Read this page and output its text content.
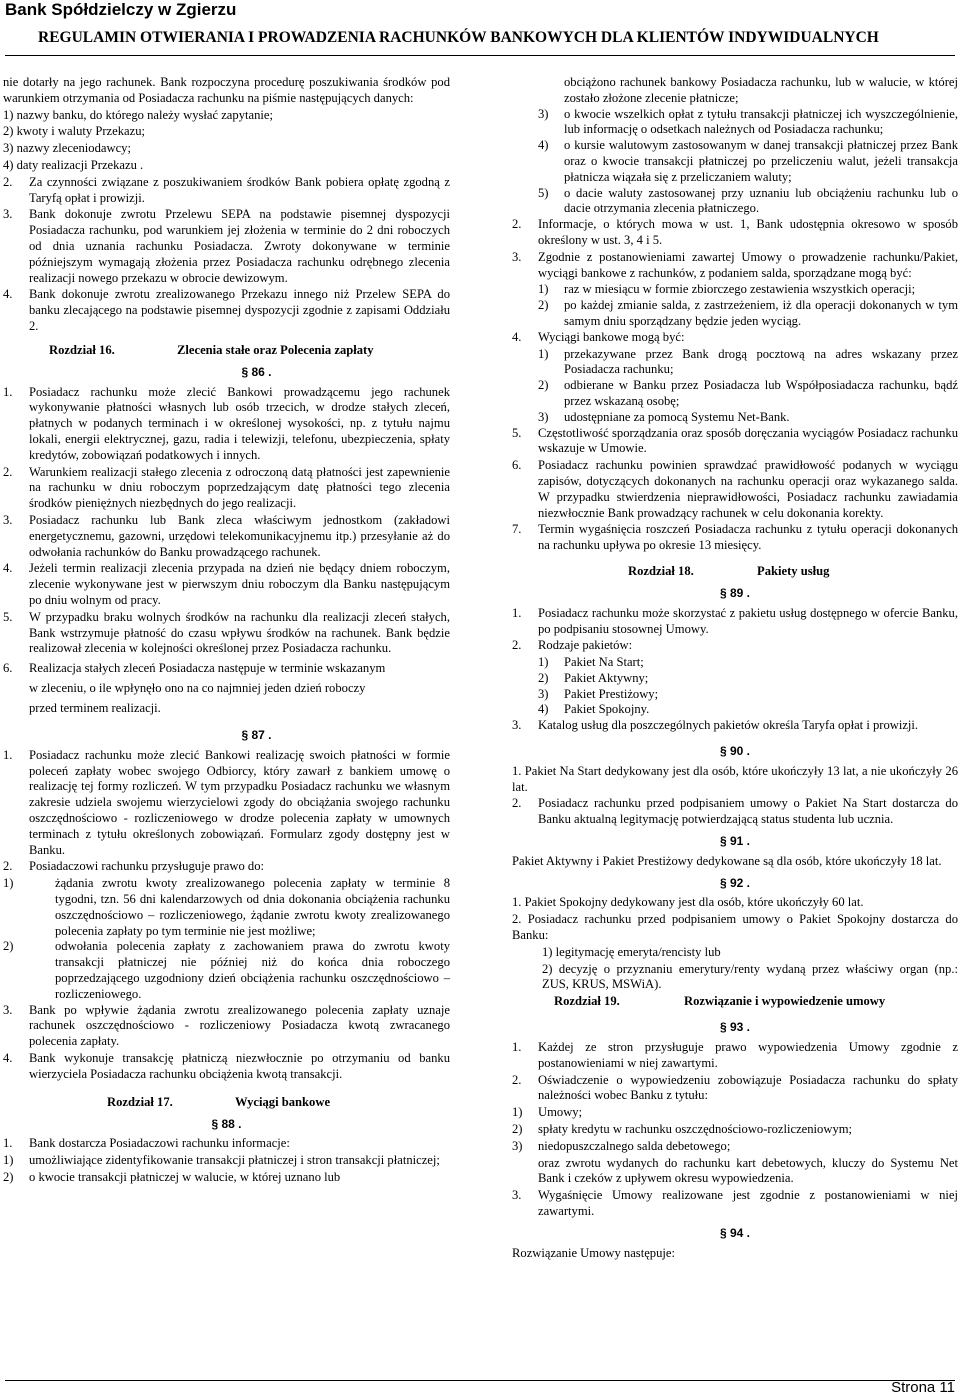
Bank Spółdzielczy w Zgierzu
REGULAMIN OTWIERANIA I PROWADZENIA RACHUNKÓW BANKOWYCH DLA KLIENTÓW INDYWIDUALNYCH
nie dotarły na jego rachunek. Bank rozpoczyna procedurę poszukiwania środków pod warunkiem otrzymania od Posiadacza rachunku na piśmie następujących danych:
1) nazwy banku, do którego należy wysłać zapytanie;
2) kwoty i waluty Przekazu;
3) nazwy zleceniodawcy;
4) daty realizacji Przekazu .
2. Za czynności związane z poszukiwaniem środków Bank pobiera opłatę zgodną z Taryfą opłat i prowizji.
3. Bank dokonuje zwrotu Przelewu SEPA na podstawie pisemnej dyspozycji Posiadacza rachunku, pod warunkiem jej złożenia w terminie do 2 dni roboczych od dnia uznania rachunku Posiadacza. Zwroty dokonywane w terminie późniejszym wymagają złożenia przez Posiadacza rachunku odrębnego zlecenia realizacji nowego przekazu w obrocie dewizowym.
4. Bank dokonuje zwrotu zrealizowanego Przekazu innego niż Przelew SEPA do banku zlecającego na podstawie pisemnej dyspozycji zgodnie z zapisami Oddziału 2.
Rozdział 16.	Zlecenia stałe oraz Polecenia zapłaty
§ 86 .
1. Posiadacz rachunku może zlecić Bankowi prowadzącemu jego rachunek wykonywanie płatności własnych lub osób trzecich, w drodze stałych zleceń, płatnych w podanych terminach i w określonej wysokości, np. z tytułu najmu lokali, energii elektrycznej, gazu, radia i telewizji, telefonu, ubezpieczenia, spłaty kredytów, zobowiązań podatkowych i innych.
2. Warunkiem realizacji stałego zlecenia z odroczoną datą płatności jest zapewnienie na rachunku w dniu roboczym poprzedzającym datę płatności tego zlecenia środków pieniężnych niezbędnych do jego realizacji.
3. Posiadacz rachunku lub Bank zleca właściwym jednostkom (zakładowi energetycznemu, gazowni, urzędowi telekomunikacyjnemu itp.) przesyłanie aż do odwołania rachunków do Banku prowadzącego rachunek.
4. Jeżeli termin realizacji zlecenia przypada na dzień nie będący dniem roboczym, zlecenie wykonywane jest w pierwszym dniu roboczym dla Banku następującym po dniu wolnym od pracy.
5. W przypadku braku wolnych środków na rachunku dla realizacji zleceń stałych, Bank wstrzymuje płatność do czasu wpływu środków na rachunek. Bank będzie realizował zlecenia w kolejności określonej przez Posiadacza rachunku.
6. Realizacja stałych zleceń Posiadacza następuje w terminie wskazanym
w zleceniu, o ile wpłynęło ono na co najmniej jeden dzień roboczy
przed terminem realizacji.
§ 87 .
1. Posiadacz rachunku może zlecić Bankowi realizację swoich płatności w formie poleceń zapłaty wobec swojego Odbiorcy, który zawarł z bankiem umowę o realizację tej formy rozliczeń. W tym przypadku Posiadacz rachunku we własnym zakresie udziela swojemu wierzycielowi zgody do obciążania swojego rachunku oszczędnościowo - rozliczeniowego w drodze polecenia zapłaty w umownych terminach z tytułu określonych zobowiązań. Formularz zgody dostępny jest w Banku.
2. Posiadaczowi rachunku przysługuje prawo do:
1)	żądania zwrotu kwoty zrealizowanego polecenia zapłaty w terminie 8 tygodni, tzn. 56 dni kalendarzowych od dnia dokonania obciążenia rachunku oszczędnościowo – rozliczeniowego, żądanie zwrotu kwoty zrealizowanego polecenia zapłaty po tym terminie nie jest możliwe;
2)	odwołania polecenia zapłaty z zachowaniem prawa do zwrotu kwoty transakcji płatniczej nie później niż do końca dnia roboczego poprzedzającego uzgodniony dzień obciążenia rachunku oszczędnościowo – rozliczeniowego.
3. Bank po wpływie żądania zwrotu zrealizowanego polecenia zapłaty uznaje rachunek oszczędnościowo - rozliczeniowy Posiadacza kwotą zwracanego polecenia zapłaty.
4. Bank wykonuje transakcję płatniczą niezwłocznie po otrzymaniu od banku wierzyciela Posiadacza rachunku obciążenia kwotą transakcji.
Rozdział 17.	Wyciągi bankowe
§ 88 .
1. Bank dostarcza Posiadaczowi rachunku informacje:
1) umożliwiające zidentyfikowanie transakcji płatniczej i stron transakcji płatniczej;
2) o kwocie transakcji płatniczej w walucie, w której uznano lub
obciążono rachunek bankowy Posiadacza rachunku, lub w walucie, w której zostało złożone zlecenie płatnicze;
3) o kwocie wszelkich opłat z tytułu transakcji płatniczej ich wyszczególnienie, lub informację o odsetkach należnych od Posiadacza rachunku;
4) o kursie walutowym zastosowanym w danej transakcji płatniczej przez Bank oraz o kwocie transakcji płatniczej po przeliczeniu walut, jeżeli transakcja płatnicza wiązała się z przeliczaniem waluty;
5) o dacie waluty zastosowanej przy uznaniu lub obciążeniu rachunku lub o dacie otrzymania zlecenia płatniczego.
2. Informacje, o których mowa w ust. 1, Bank udostępnia okresowo w sposób określony w ust. 3, 4 i 5.
3. Zgodnie z postanowieniami zawartej Umowy o prowadzenie rachunku/Pakiet, wyciągi bankowe z rachunków, z podaniem salda, sporządzane mogą być:
1) raz w miesiącu w formie zbiorczego zestawienia wszystkich operacji;
2) po każdej zmianie salda, z zastrzeżeniem, iż dla operacji dokonanych w tym samym dniu sporządzany będzie jeden wyciąg.
4. Wyciągi bankowe mogą być:
1) przekazywane przez Bank drogą pocztową na adres wskazany przez Posiadacza rachunku;
2) odbierane w Banku przez Posiadacza lub Współposiadacza rachunku, bądź przez wskazaną osobę;
3) udostępniane za pomocą Systemu Net-Bank.
5. Częstotliwość sporządzania oraz sposób doręczania wyciągów Posiadacz rachunku wskazuje w Umowie.
6. Posiadacz rachunku powinien sprawdzać prawidłowość podanych w wyciągu zapisów, dotyczących dokonanych na rachunku operacji oraz wykazanego salda. W przypadku stwierdzenia nieprawidłowości, Posiadacz rachunku zawiadamia niezwłocznie Bank prowadzący rachunek w celu dokonania korekty.
7. Termin wygaśnięcia roszczeń Posiadacza rachunku z tytułu operacji dokonanych na rachunku upływa po okresie 13 miesięcy.
Rozdział 18.	Pakiety usług
§ 89 .
1. Posiadacz rachunku może skorzystać z pakietu usług dostępnego w ofercie Banku, po podpisaniu stosownej Umowy.
2. Rodzaje pakietów:
1) Pakiet Na Start;
2) Pakiet Aktywny;
3) Pakiet Prestiżowy;
4) Pakiet Spokojny.
3. Katalog usług dla poszczególnych pakietów określa Taryfa opłat i prowizji.
§ 90 .
1. Pakiet Na Start dedykowany jest dla osób, które ukończyły 13 lat, a nie ukończyły 26 lat.
2. Posiadacz rachunku przed podpisaniem umowy o Pakiet Na Start dostarcza do Banku aktualną legitymację potwierdzającą status studenta lub ucznia.
§ 91 .
Pakiet Aktywny i Pakiet Prestiżowy dedykowane są dla osób, które ukończyły 18 lat.
§ 92 .
1. Pakiet Spokojny dedykowany jest dla osób, które ukończyły 60 lat.
2. Posiadacz rachunku przed podpisaniem umowy o Pakiet Spokojny dostarcza do Banku:
1) legitymację emeryta/rencisty lub
2) decyzję o przyznaniu emerytury/renty wydaną przez właściwy organ (np.: ZUS, KRUS, MSWiA).
Rozdział 19.	Rozwiązanie i wypowiedzenie umowy
§ 93 .
1. Każdej ze stron przysługuje prawo wypowiedzenia Umowy zgodnie z postanowieniami w niej zawartymi.
2. Oświadczenie o wypowiedzeniu zobowiązuje Posiadacza rachunku do spłaty należności wobec Banku z tytułu:
1) Umowy;
2) spłaty kredytu w rachunku oszczędnościowo-rozliczeniowym;
3) niedopuszczalnego salda debetowego;
oraz zwrotu wydanych do rachunku kart debetowych, kluczy do Systemu Net Bank i czeków z upływem okresu wypowiedzenia.
3. Wygaśnięcie Umowy realizowane jest zgodnie z postanowieniami w niej zawartymi.
§ 94 .
Rozwiązanie Umowy następuje:
Strona 11
